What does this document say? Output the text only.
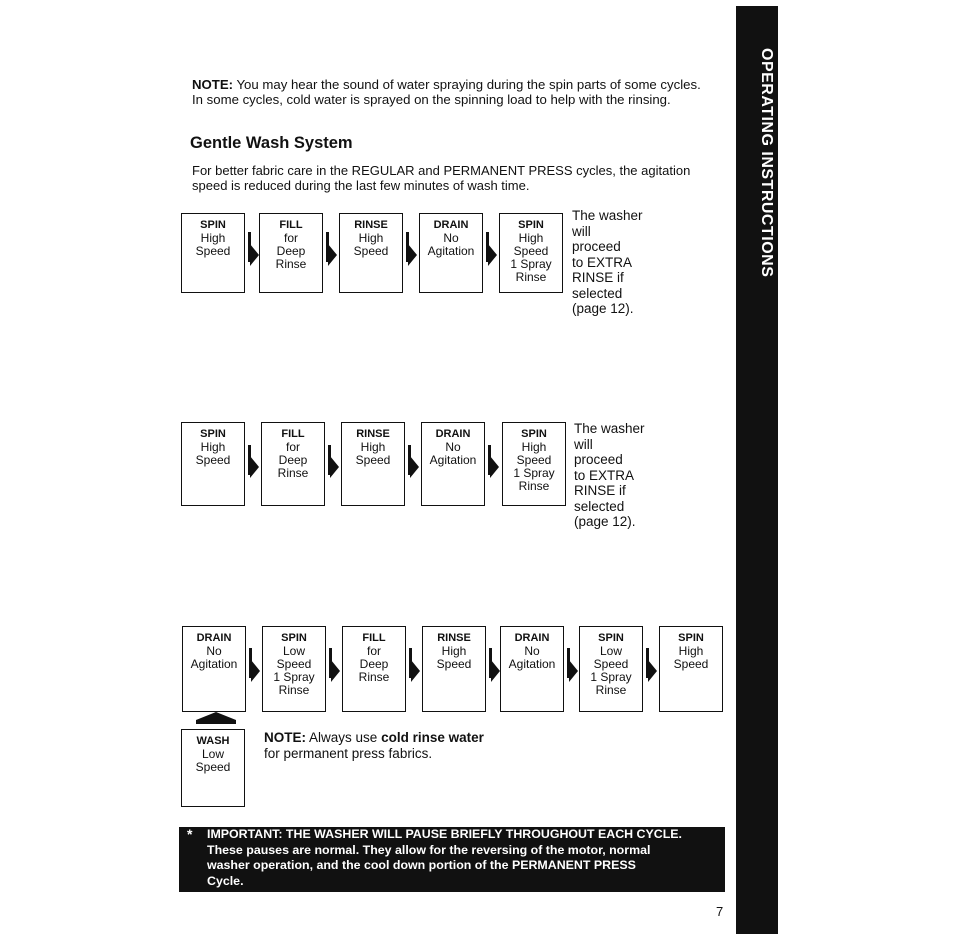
OPERATING INSTRUCTIONS
NOTE: You may hear the sound of water spraying during the spin parts of some cycles. In some cycles, cold water is sprayed on the spinning load to help with the rinsing.
Gentle Wash System
For better fabric care in the REGULAR and PERMANENT PRESS cycles, the agitation speed is reduced during the last few minutes of wash time.
SPIN
High
Speed
FILL
for
Deep
Rinse
RINSE
High
Speed
DRAIN
No
Agitation
SPIN
High
Speed
1 Spray
Rinse
The washer
will
proceed
to EXTRA
RINSE if
selected
(page 12).
SPIN
High
Speed
FILL
for
Deep
Rinse
RINSE
High
Speed
DRAIN
No
Agitation
SPIN
High
Speed
1 Spray
Rinse
The washer
will
proceed
to EXTRA
RINSE if
selected
(page 12).
DRAIN
No
Agitation
SPIN
Low
Speed
1 Spray
Rinse
FILL
for
Deep
Rinse
RINSE
High
Speed
DRAIN
No
Agitation
SPIN
Low
Speed
1 Spray
Rinse
SPIN
High
Speed
WASH
Low
Speed
NOTE: Always use cold rinse water
for permanent press fabrics.
* IMPORTANT: THE WASHER WILL PAUSE BRIEFLY THROUGHOUT EACH CYCLE.
These pauses are normal. They allow for the reversing of the motor, normal
washer operation, and the cool down portion of the PERMANENT PRESS
Cycle.
7
